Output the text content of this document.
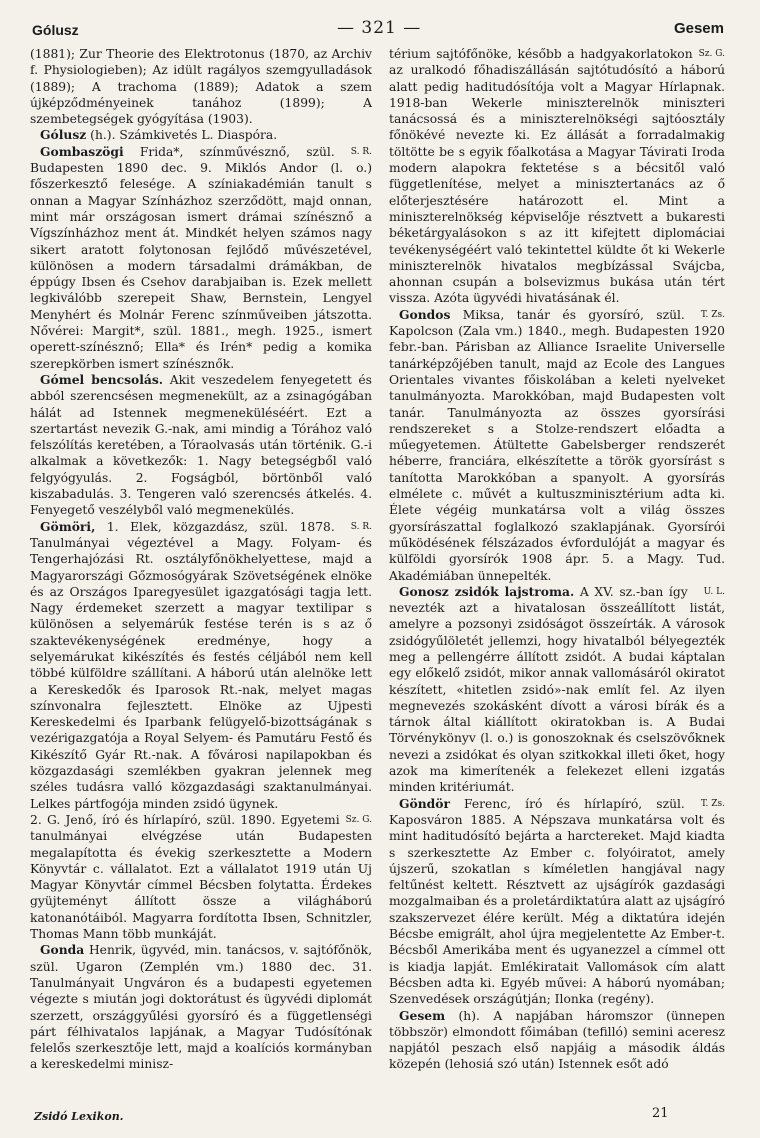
Gólusz	— 321 —	Gesem

(1881); Zur Theorie des Elektrotonus (1870, az Archiv f. Physiologieben); Az idült ragályos szemgyulladások (1889); A trachoma (1889); Adatok a szem újképződményeinek tanához (1899); A szembetegségek gyógyítása (1903).

Gólusz (h.). Számkivetés L. Diaspóra.

S. R.
Gombaszögi Frida*, színművésznő, szül. Budapesten 1890 dec. 9. Miklós Andor (l. o.) főszerkesztő felesége. A színiakadémián tanult s onnan a Magyar Színházhoz szerződött, majd onnan, mint már országosan ismert drámai színésznő a Vígszínházhoz ment át. Mindkét helyen számos nagy sikert aratott folytonosan fejlődő művészetével, különösen a modern társadalmi drámákban, de éppúgy Ibsen és Csehov darabjaiban is. Ezek mellett legkiválóbb szerepeit Shaw, Bernstein, Lengyel Menyhért és Molnár Ferenc színműveiben játszotta. Nővérei: Margit*, szül. 1881., megh. 1925., ismert operett-színésznő; Ella* és Irén* pedig a komika szerepkörben ismert színésznők.

Gómel bencsolás. Akit veszedelem fenyegetett és abból szerencsésen megmenekült, az a zsinagógában hálát ad Istennek megmeneküléséért. Ezt a szertartást nevezik G.-nak, ami mindig a Tórához való felszólítás keretében, a Tóraolvasás után történik. G.-i alkalmak a következők: 1. Nagy betegségből való felgyógyulás. 2. Fogságból, börtönből való kiszabadulás. 3. Tengeren való szerencsés átkelés. 4. Fenyegető veszélyből való megmenekülés.

S. R.
Gömöri, 1. Elek, közgazdász, szül. 1878. Tanulmányai végeztével a Magy. Folyam- és Tengerhajózási Rt. osztályfőnökhelyettese, majd a Magyarországi Gőzmosógyárak Szövetségének elnöke és az Országos Iparegyesület igazgatósági tagja lett. Nagy érdemeket szerzett a magyar textilipar s különösen a selyemárúk festése terén is s az ő szaktevékenységének eredménye, hogy a selyemárukat kikészítés és festés céljából nem kell többé külföldre szállítani. A háború után alelnöke lett a Kereskedők és Iparosok Rt.-nak, melyet magas színvonalra fejlesztett. Elnöke az Ujpesti Kereskedelmi és Iparbank felügyelő-bizottságának s vezérigazgatója a Royal Selyem- és Pamutáru Festő és Kikészítő Gyár Rt.-nak. A fővárosi napilapokban és közgazdasági szemlékben gyakran jelennek meg széles tudásra valló közgazdasági szaktanulmányai. Lelkes pártfogója minden zsidó ügynek.

Sz. G.
2. G. Jenő, író és hírlapíró, szül. 1890. Egyetemi tanulmányai elvégzése után Budapesten megalapította és évekig szerkesztette a Modern Könyvtár c. vállalatot. Ezt a vállalatot 1919 után Uj Magyar Könyvtár címmel Bécsben folytatta. Érdekes gyüjteményt állított össze a világháború katonanótáiból. Magyarra fordította Ibsen, Schnitzler, Thomas Mann több munkáját.

Gonda Henrik, ügyvéd, min. tanácsos, v. sajtófőnök, szül. Ugaron (Zemplén vm.) 1880 dec. 31. Tanulmányait Ungváron és a budapesti egyetemen végezte s miután jogi doktorátust és ügyvédi diplomát szerzett, országgyűlési gyorsíró és a függetlenségi párt félhivatalos lapjának, a Magyar Tudósítónak felelős szerkesztője lett, majd a koalíciós kormányban a kereskedelmi minisz-

Sz. G.
térium sajtófőnöke, később a hadgyakorlatokon az uralkodó főhadiszállásán sajtótudósító a háború alatt pedig haditudósítója volt a Magyar Hírlapnak. 1918-ban Wekerle miniszterelnök miniszteri tanácsossá és a miniszterelnökségi sajtóosztály főnökévé nevezte ki. Ez állását a forradalmakig töltötte be s egyik főalkotása a Magyar Távirati Iroda modern alapokra fektetése s a bécsitől való függetlenítése, melyet a minisztertanács az ő előterjesztésére határozott el. Mint a miniszterelnökség képviselője résztvett a bukaresti béketárgyalásokon s az itt kifejtett diplomáciai tevékenységéért való tekintettel küldte őt ki Wekerle miniszterelnök hivatalos megbízással Svájcba, ahonnan csupán a bolsevizmus bukása után tért vissza. Azóta ügyvédi hivatásának él.

T. Zs.
Gondos Miksa, tanár és gyorsíró, szül. Kapolcson (Zala vm.) 1840., megh. Budapesten 1920 febr.-ban. Párisban az Alliance Israelite Universelle tanárképzőjében tanult, majd az Ecole des Langues Orientales vivantes főiskolában a keleti nyelveket tanulmányozta. Marokkóban, majd Budapesten volt tanár. Tanulmányozta az összes gyorsírási rendszereket s a Stolze-rendszert előadta a műegyetemen. Átültette Gabelsberger rendszerét héberre, franciára, elkészítette a török gyorsírást s tanította Marokkóban a spanyolt. A gyorsírás elmélete c. művét a kultuszminisztérium adta ki. Élete végéig munkatársa volt a világ összes gyorsírászattal foglalkozó szaklapjának. Gyorsírói működésének félszázados évfordulóját a magyar és külföldi gyorsírók 1908 ápr. 5. a Magy. Tud. Akadémiában ünnepelték.

U. L.
Gonosz zsidók lajstroma. A XV. sz.-ban így nevezték azt a hivatalosan összeállított listát, amelyre a pozsonyi zsidóságot összeírták. A városok zsidógyűlöletét jellemzi, hogy hivatalból bélyegezték meg a pellengérre állított zsidót. A budai káptalan egy előkelő zsidót, mikor annak vallomásáról okiratot készített, «hitetlen zsidó»-nak említ fel. Az ilyen megnevezés szokásként dívott a városi bírák és a tárnok által kiállított okiratokban is. A Budai Törvénykönyv (l. o.) is gonoszoknak és cselszövőknek nevezi a zsidókat és olyan szitkokkal illeti őket, hogy azok ma kimerítenék a felekezet elleni izgatás minden kritériumát.

T. Zs.
Göndör Ferenc, író és hírlapíró, szül. Kaposváron 1885. A Népszava munkatársa volt és mint haditudósító bejárta a harctereket. Majd kiadta s szerkesztette Az Ember c. folyóiratot, amely újszerű, szokatlan s kíméletlen hangjával nagy feltűnést keltett. Résztvett az ujságírók gazdasági mozgalmaiban és a proletárdiktatúra alatt az ujságíró szakszervezet élére került. Még a diktatúra idején Bécsbe emigrált, ahol újra megjelentette Az Ember-t. Bécsből Amerikába ment és ugyanezzel a címmel ott is kiadja lapját. Emlékiratait Vallomások cím alatt Bécsben adta ki. Egyéb művei: A háború nyomában; Szenvedések országútján; Ilonka (regény).

Gesem (h). A napjában háromszor (ünnepen többször) elmondott főimában (tefilló) semini aceresz napjától peszach első napjáig a második áldás közepén (lehosiá szó után) Istennek esőt adó

Zsidó Lexikon.	21
